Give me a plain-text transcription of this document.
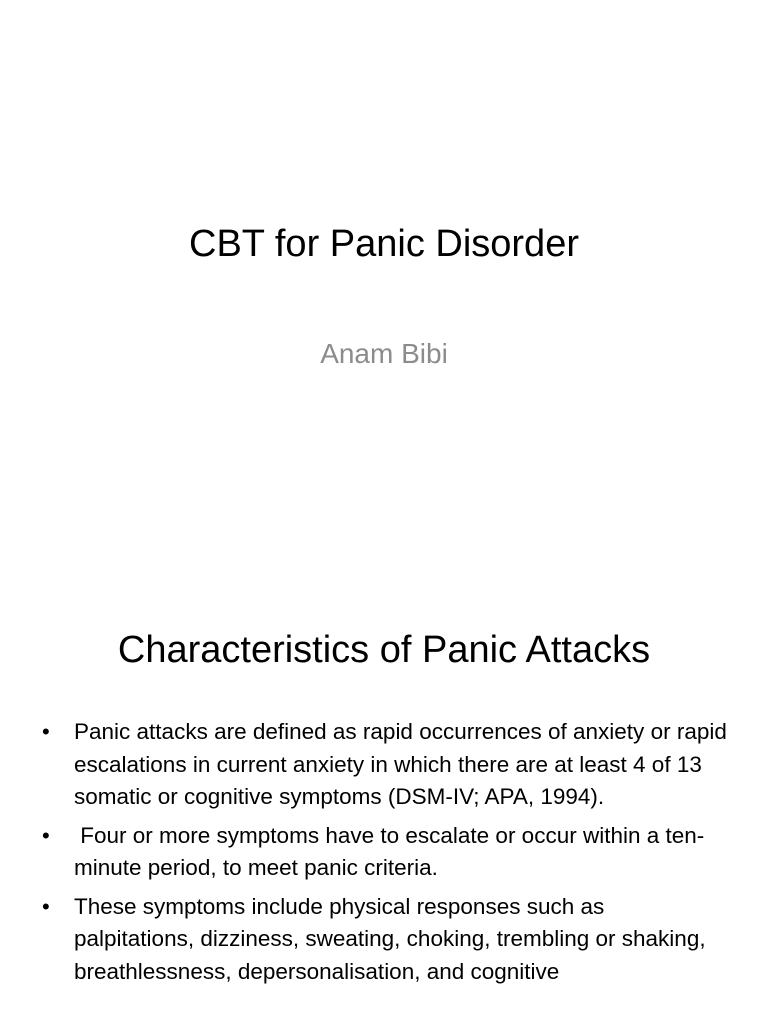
CBT for Panic Disorder
Anam Bibi
Characteristics of Panic Attacks
• Panic attacks are defined as rapid occurrences of anxiety or rapid escalations in current anxiety in which there are at least 4 of 13 somatic or cognitive symptoms (DSM-IV; APA, 1994).
• Four or more symptoms have to escalate or occur within a ten-minute period, to meet panic criteria.
• These symptoms include physical responses such as palpitations, dizziness, sweating, choking, trembling or shaking, breathlessness, depersonalisation, and cognitive
